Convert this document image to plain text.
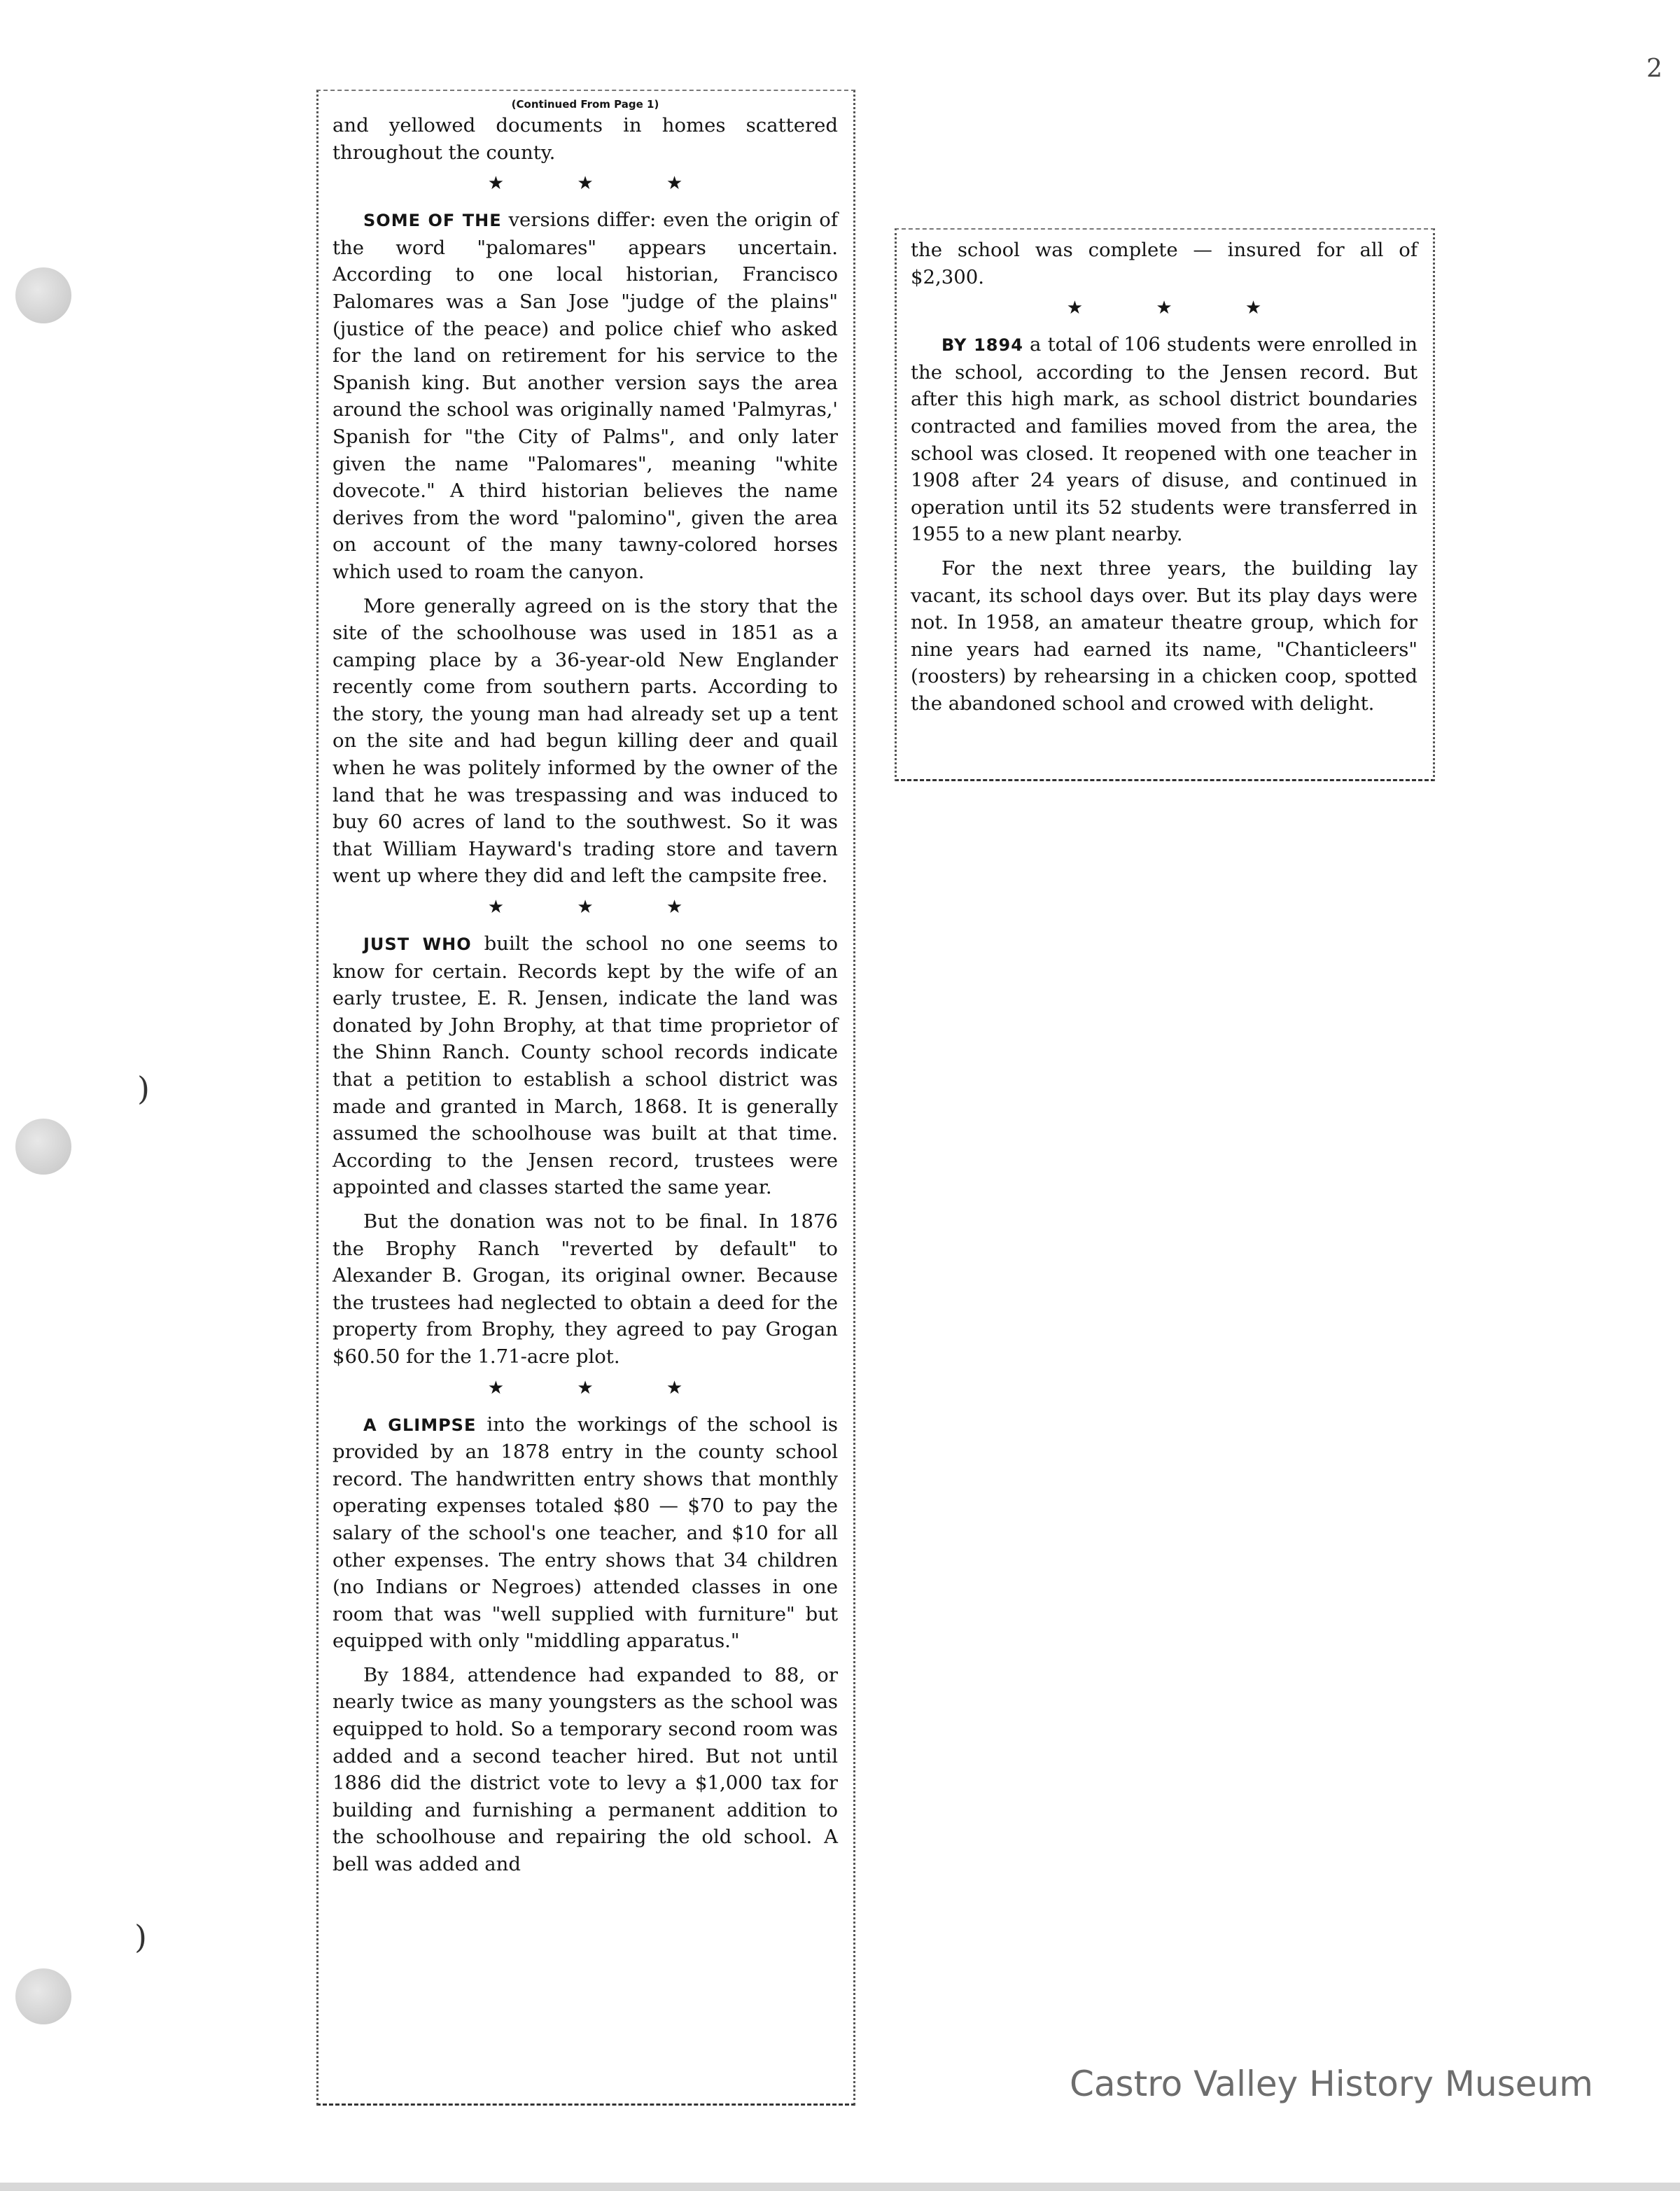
)
)
2
(Continued From Page 1)

and yellowed documents in homes scattered throughout the county.

★ ★ ★

SOME OF THE versions differ: even the origin of the word "palomares" appears uncertain. According to one local historian, Francisco Palomares was a San Jose "judge of the plains" (justice of the peace) and police chief who asked for the land on retirement for his service to the Spanish king. But another version says the area around the school was originally named 'Palmyras,' Spanish for "the City of Palms", and only later given the name "Palomares", meaning "white dovecote." A third historian believes the name derives from the word "palomino", given the area on account of the many tawny-colored horses which used to roam the canyon.

More generally agreed on is the story that the site of the schoolhouse was used in 1851 as a camping place by a 36-year-old New Englander recently come from southern parts. According to the story, the young man had already set up a tent on the site and had begun killing deer and quail when he was politely informed by the owner of the land that he was trespassing and was induced to buy 60 acres of land to the southwest. So it was that William Hayward's trading store and tavern went up where they did and left the campsite free.

★ ★ ★

JUST WHO built the school no one seems to know for certain. Records kept by the wife of an early trustee, E. R. Jensen, indicate the land was donated by John Brophy, at that time proprietor of the Shinn Ranch. County school records indicate that a petition to establish a school district was made and granted in March, 1868. It is generally assumed the schoolhouse was built at that time. According to the Jensen record, trustees were appointed and classes started the same year.

But the donation was not to be final. In 1876 the Brophy Ranch "reverted by default" to Alexander B. Grogan, its original owner. Because the trustees had neglected to obtain a deed for the property from Brophy, they agreed to pay Grogan $60.50 for the 1.71-acre plot.

★ ★ ★

A GLIMPSE into the workings of the school is provided by an 1878 entry in the county school record. The handwritten entry shows that monthly operating expenses totaled $80 — $70 to pay the salary of the school's one teacher, and $10 for all other expenses. The entry shows that 34 children (no Indians or Negroes) attended classes in one room that was "well supplied with furniture" but equipped with only "middling apparatus."

By 1884, attendence had expanded to 88, or nearly twice as many youngsters as the school was equipped to hold. So a temporary second room was added and a second teacher hired. But not until 1886 did the district vote to levy a $1,000 tax for building and furnishing a permanent addition to the schoolhouse and repairing the old school. A bell was added and

the school was complete — insured for all of $2,300.

★ ★ ★

BY 1894 a total of 106 students were enrolled in the school, according to the Jensen record. But after this high mark, as school district boundaries contracted and families moved from the area, the school was closed. It reopened with one teacher in 1908 after 24 years of disuse, and continued in operation until its 52 students were transferred in 1955 to a new plant nearby.

For the next three years, the building lay vacant, its school days over. But its play days were not. In 1958, an amateur theatre group, which for nine years had earned its name, "Chanticleers" (roosters) by rehearsing in a chicken coop, spotted the abandoned school and crowed with delight.

Castro Valley History Museum
